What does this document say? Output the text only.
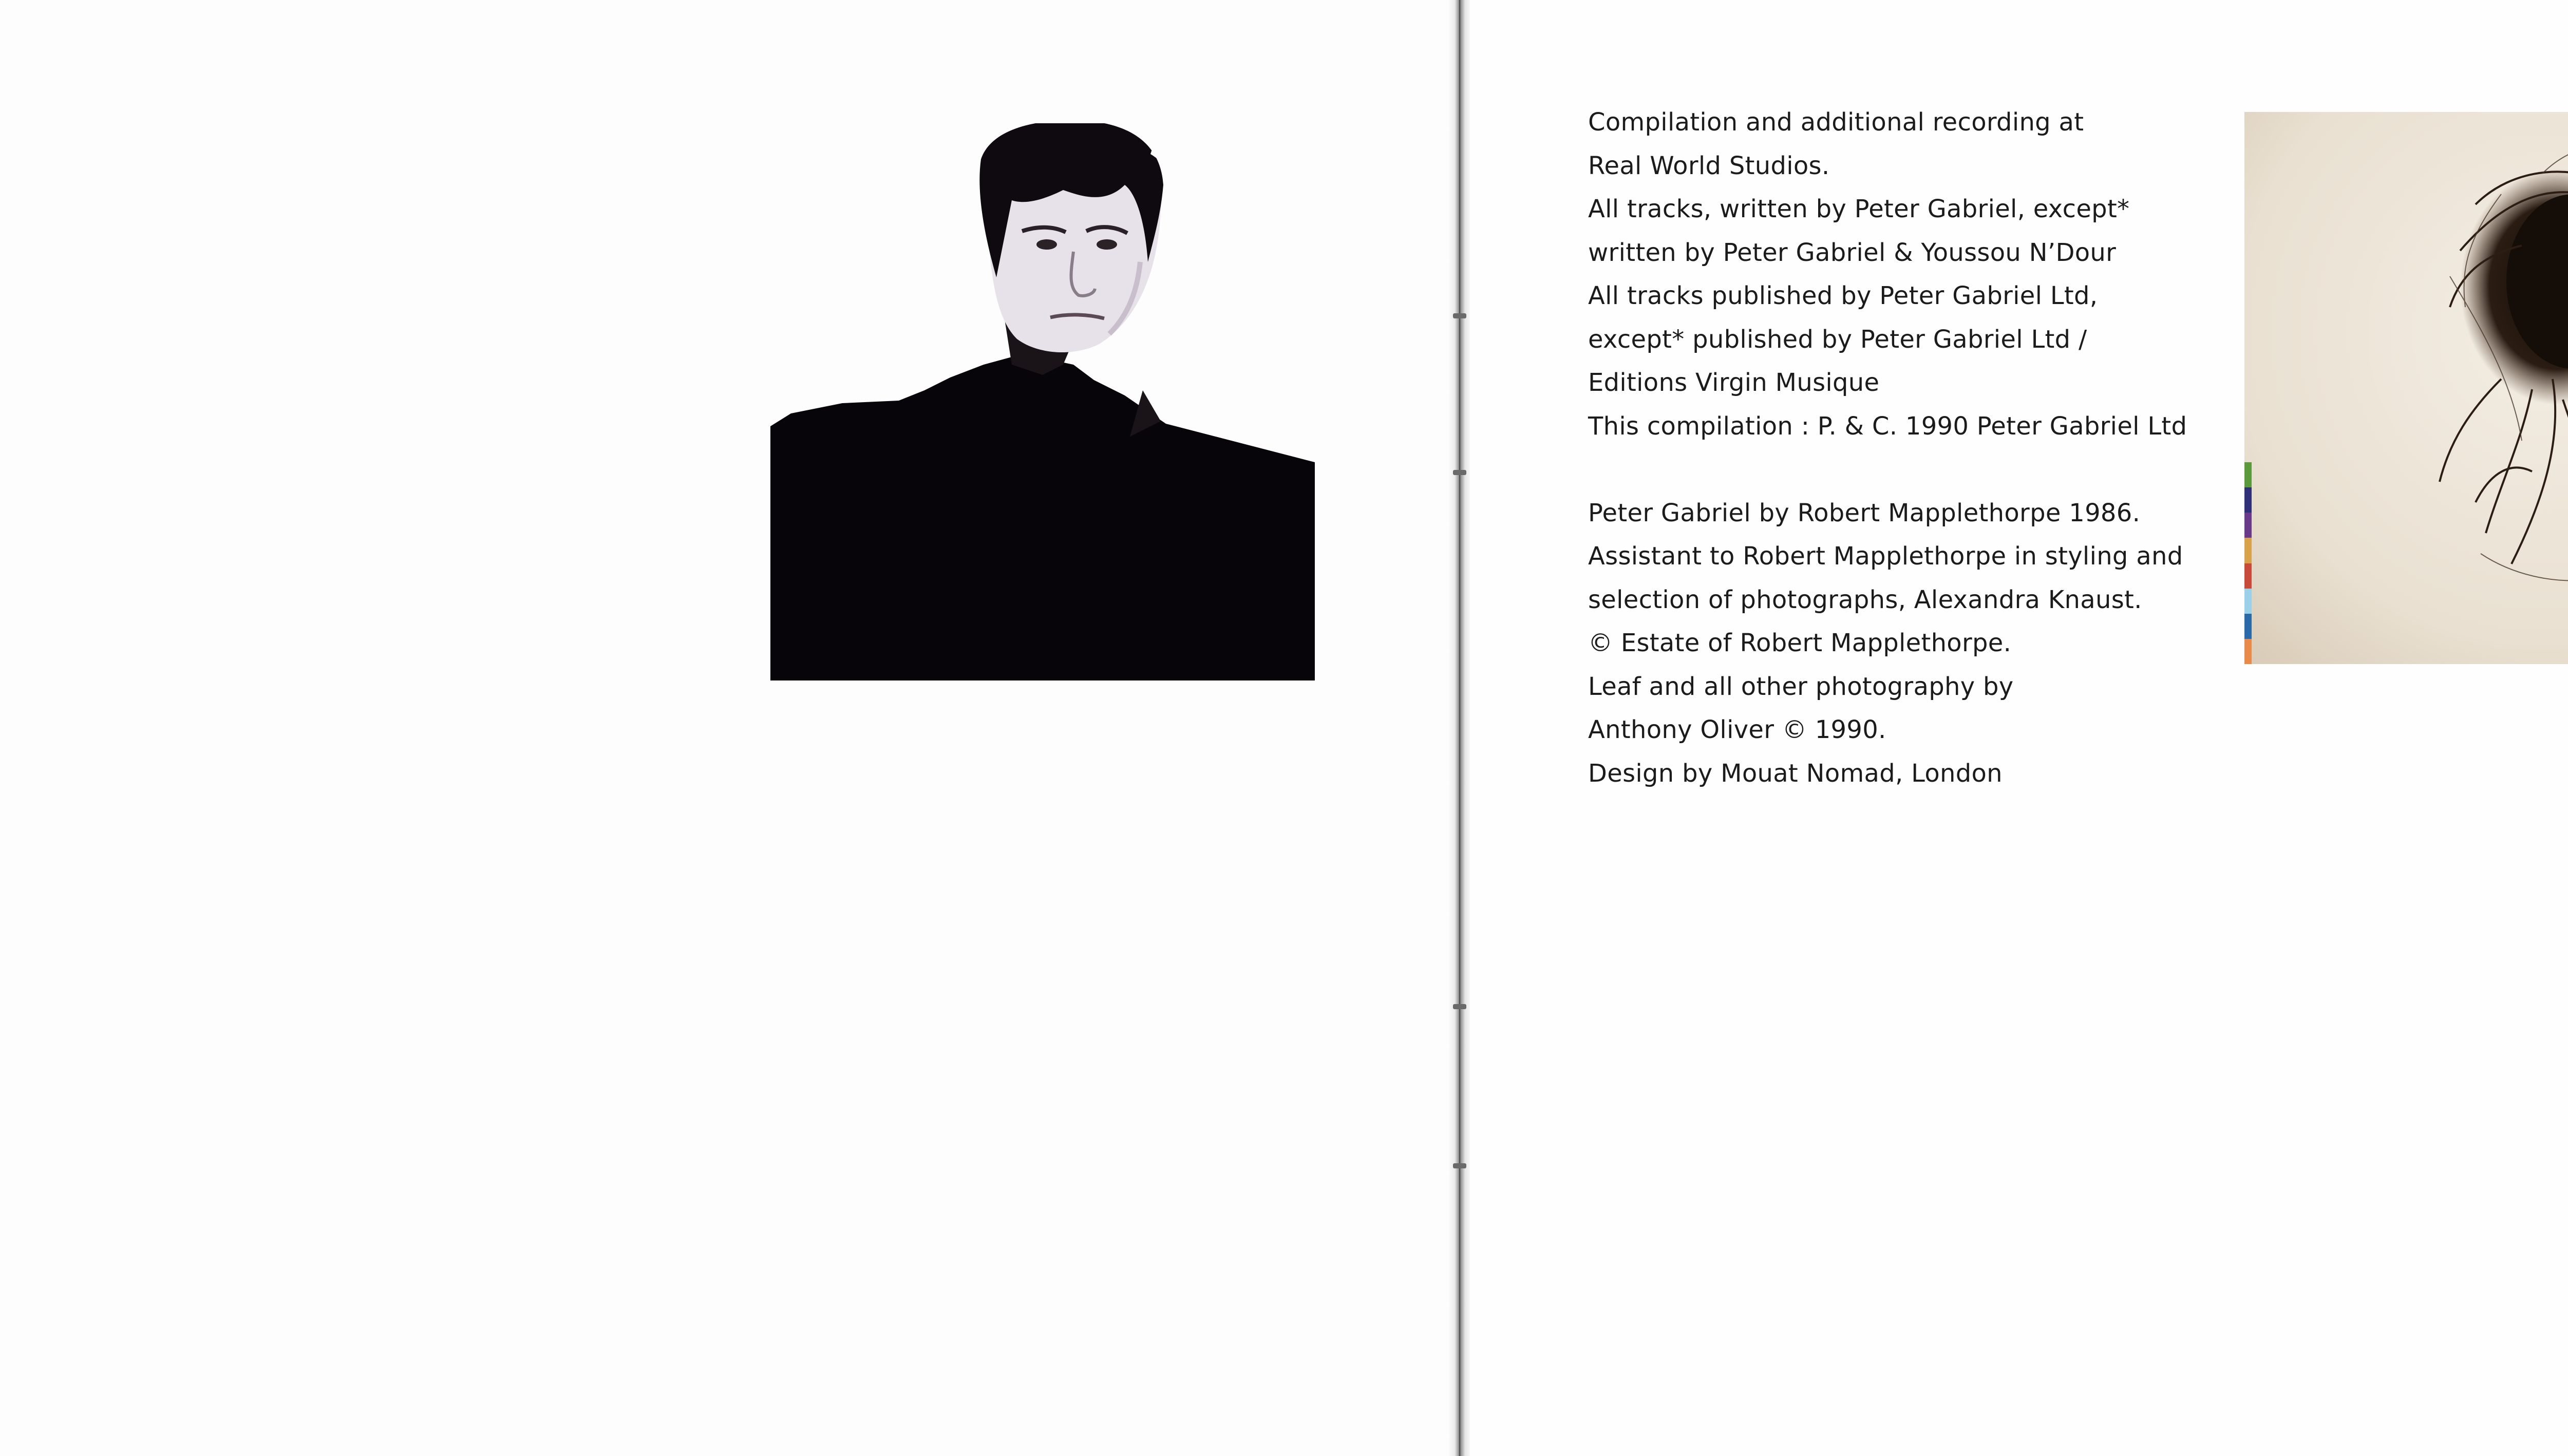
Compilation and additional recording at
Real World Studios.
All tracks, written by Peter Gabriel, except*
written by Peter Gabriel & Youssou N’Dour
All tracks published by Peter Gabriel Ltd,
except* published by Peter Gabriel Ltd /
Editions Virgin Musique
This compilation : P. & C. 1990 Peter Gabriel Ltd
Peter Gabriel by Robert Mapplethorpe 1986.
Assistant to Robert Mapplethorpe in styling and
selection of photographs, Alexandra Knaust.
© Estate of Robert Mapplethorpe.
Leaf and all other photography by
Anthony Oliver © 1990.
Design by Mouat Nomad, London
